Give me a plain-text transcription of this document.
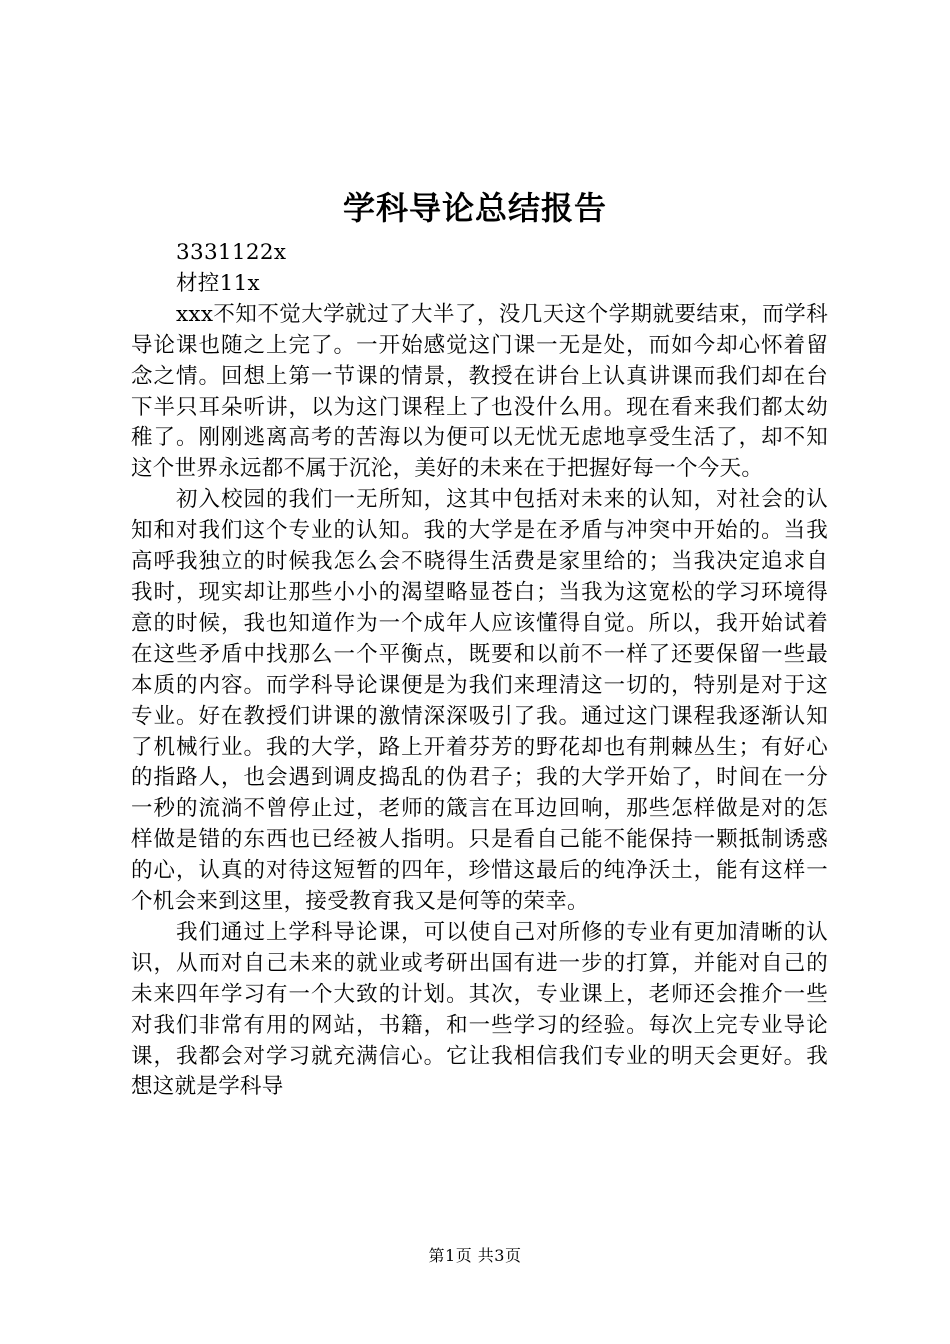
学科导论总结报告

3331122x

材控11x

xxx不知不觉大学就过了大半了，没几天这个学期就要结束，而学科导论课也随之上完了。一开始感觉这门课一无是处，而如今却心怀着留念之情。回想上第一节课的情景，教授在讲台上认真讲课而我们却在台下半只耳朵听讲，以为这门课程上了也没什么用。现在看来我们都太幼稚了。刚刚逃离高考的苦海以为便可以无忧无虑地享受生活了，却不知这个世界永远都不属于沉沦，美好的未来在于把握好每一个今天。

初入校园的我们一无所知，这其中包括对未来的认知，对社会的认知和对我们这个专业的认知。我的大学是在矛盾与冲突中开始的。当我高呼我独立的时候我怎么会不晓得生活费是家里给的；当我决定追求自我时，现实却让那些小小的渴望略显苍白；当我为这宽松的学习环境得意的时候，我也知道作为一个成年人应该懂得自觉。所以，我开始试着在这些矛盾中找那么一个平衡点，既要和以前不一样了还要保留一些最本质的内容。而学科导论课便是为我们来理清这一切的，特别是对于这专业。好在教授们讲课的激情深深吸引了我。通过这门课程我逐渐认知了机械行业。我的大学，路上开着芬芳的野花却也有荆棘丛生；有好心的指路人，也会遇到调皮捣乱的伪君子；我的大学开始了，时间在一分一秒的流淌不曾停止过，老师的箴言在耳边回响，那些怎样做是对的怎样做是错的东西也已经被人指明。只是看自己能不能保持一颗抵制诱惑的心，认真的对待这短暂的四年，珍惜这最后的纯净沃土，能有这样一个机会来到这里，接受教育我又是何等的荣幸。

我们通过上学科导论课，可以使自己对所修的专业有更加清晰的认识，从而对自己未来的就业或考研出国有进一步的打算，并能对自己的未来四年学习有一个大致的计划。其次，专业课上，老师还会推介一些对我们非常有用的网站，书籍，和一些学习的经验。每次上完专业导论课，我都会对学习就充满信心。它让我相信我们专业的明天会更好。我想这就是学科导

第1页 共3页
